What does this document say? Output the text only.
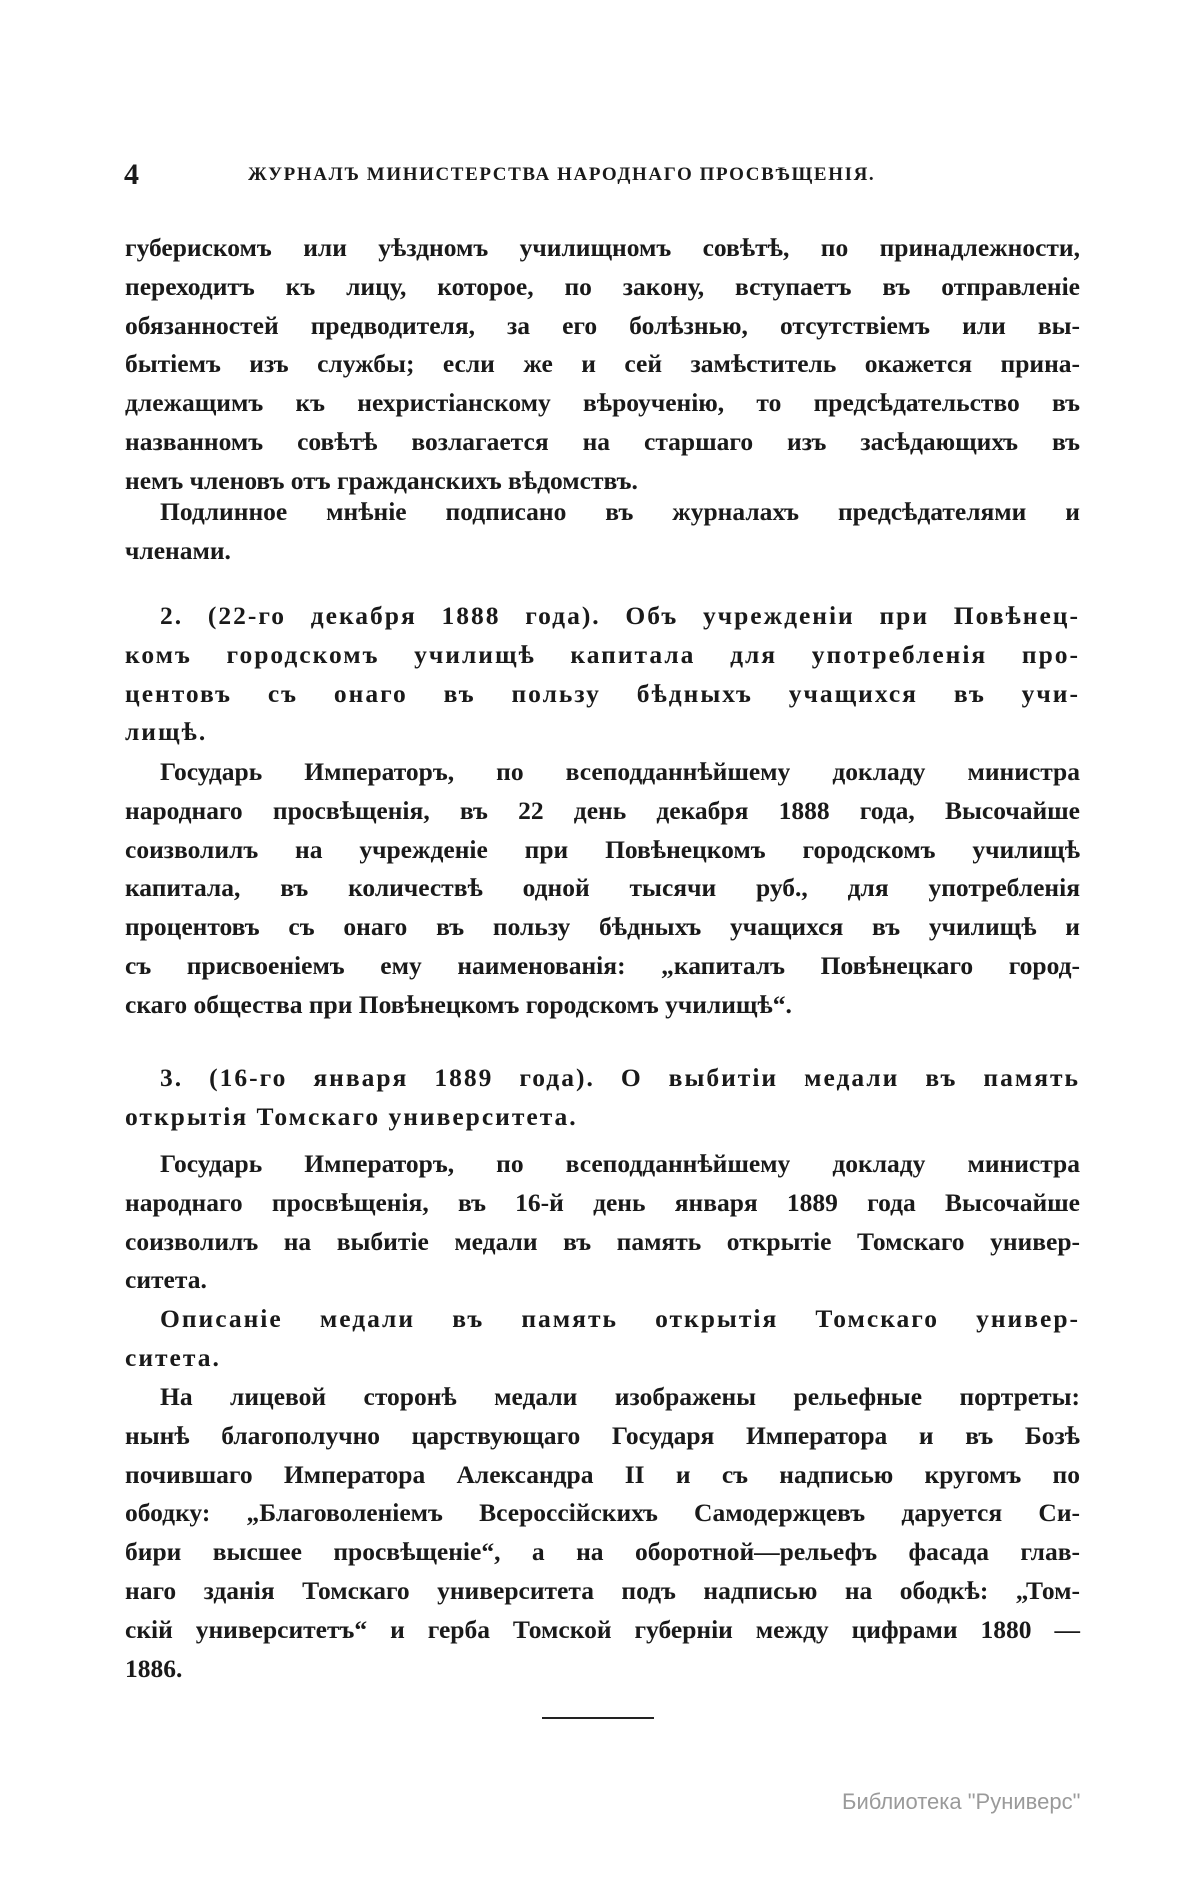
4	ЖУРНАЛЪ МИНИСТЕРСТВА НАРОДНАГО ПРОСВѢЩЕНІЯ.
губерискомъ или уѣздномъ училищномъ совѣтѣ, по принадлежности,
переходитъ къ лицу, которое, по закону, вступаетъ въ отправленіе
обязанностей предводителя, за его болѣзнью, отсутствіемъ или вы-
бытіемъ изъ службы; если же и сей замѣститель окажется прина-
длежащимъ къ нехристіанскому вѣроученію, то предсѣдательство въ
названномъ совѣтѣ возлагается на старшаго изъ засѣдающихъ въ
немъ членовъ отъ гражданскихъ вѣдомствъ.
Подлинное мнѣніе подписано въ журналахъ предсѣдателями и
членами.
2. (22-го декабря 1888 года). Объ учрежденіи при Повѣнец-
комъ городскомъ училищѣ капитала для употребленія про-
центовъ съ онаго въ пользу бѣдныхъ учащихся въ учи-
лищѣ.
Государь Императоръ, по всеподданнѣйшему докладу министра
народнаго просвѣщенія, въ 22 день декабря 1888 года, Высочайше
соизволилъ на учрежденіе при Повѣнецкомъ городскомъ училищѣ
капитала, въ количествѣ одной тысячи руб., для употребленія
процентовъ съ онаго въ пользу бѣдныхъ учащихся въ училищѣ и
съ присвоеніемъ ему наименованія: „капиталъ Повѣнецкаго город-
скаго общества при Повѣнецкомъ городскомъ училищѣ“.
3. (16-го января 1889 года). О выбитіи медали въ память
открытія Томскаго университета.
Государь Императоръ, по всеподданнѣйшему докладу министра
народнаго просвѣщенія, въ 16-й день января 1889 года Высочайше
соизволилъ на выбитіе медали въ память открытіе Томскаго универ-
ситета.
Описаніе медали въ память открытія Томскаго универ-
ситета.
На лицевой сторонѣ медали изображены рельефные портреты:
нынѣ благополучно царствующаго Государя Императора и въ Бозѣ
почившаго Императора Александра II и съ надписью кругомъ по
ободку: „Благоволеніемъ Всероссійскихъ Самодержцевъ даруется Си-
бири высшее просвѣщеніе“, а на оборотной—рельефъ фасада глав-
наго зданія Томскаго университета подъ надписью на ободкѣ: „Том-
скій университетъ“ и герба Томской губерніи между цифрами 1880 —
1886.
Библиотека "Руниверс"
